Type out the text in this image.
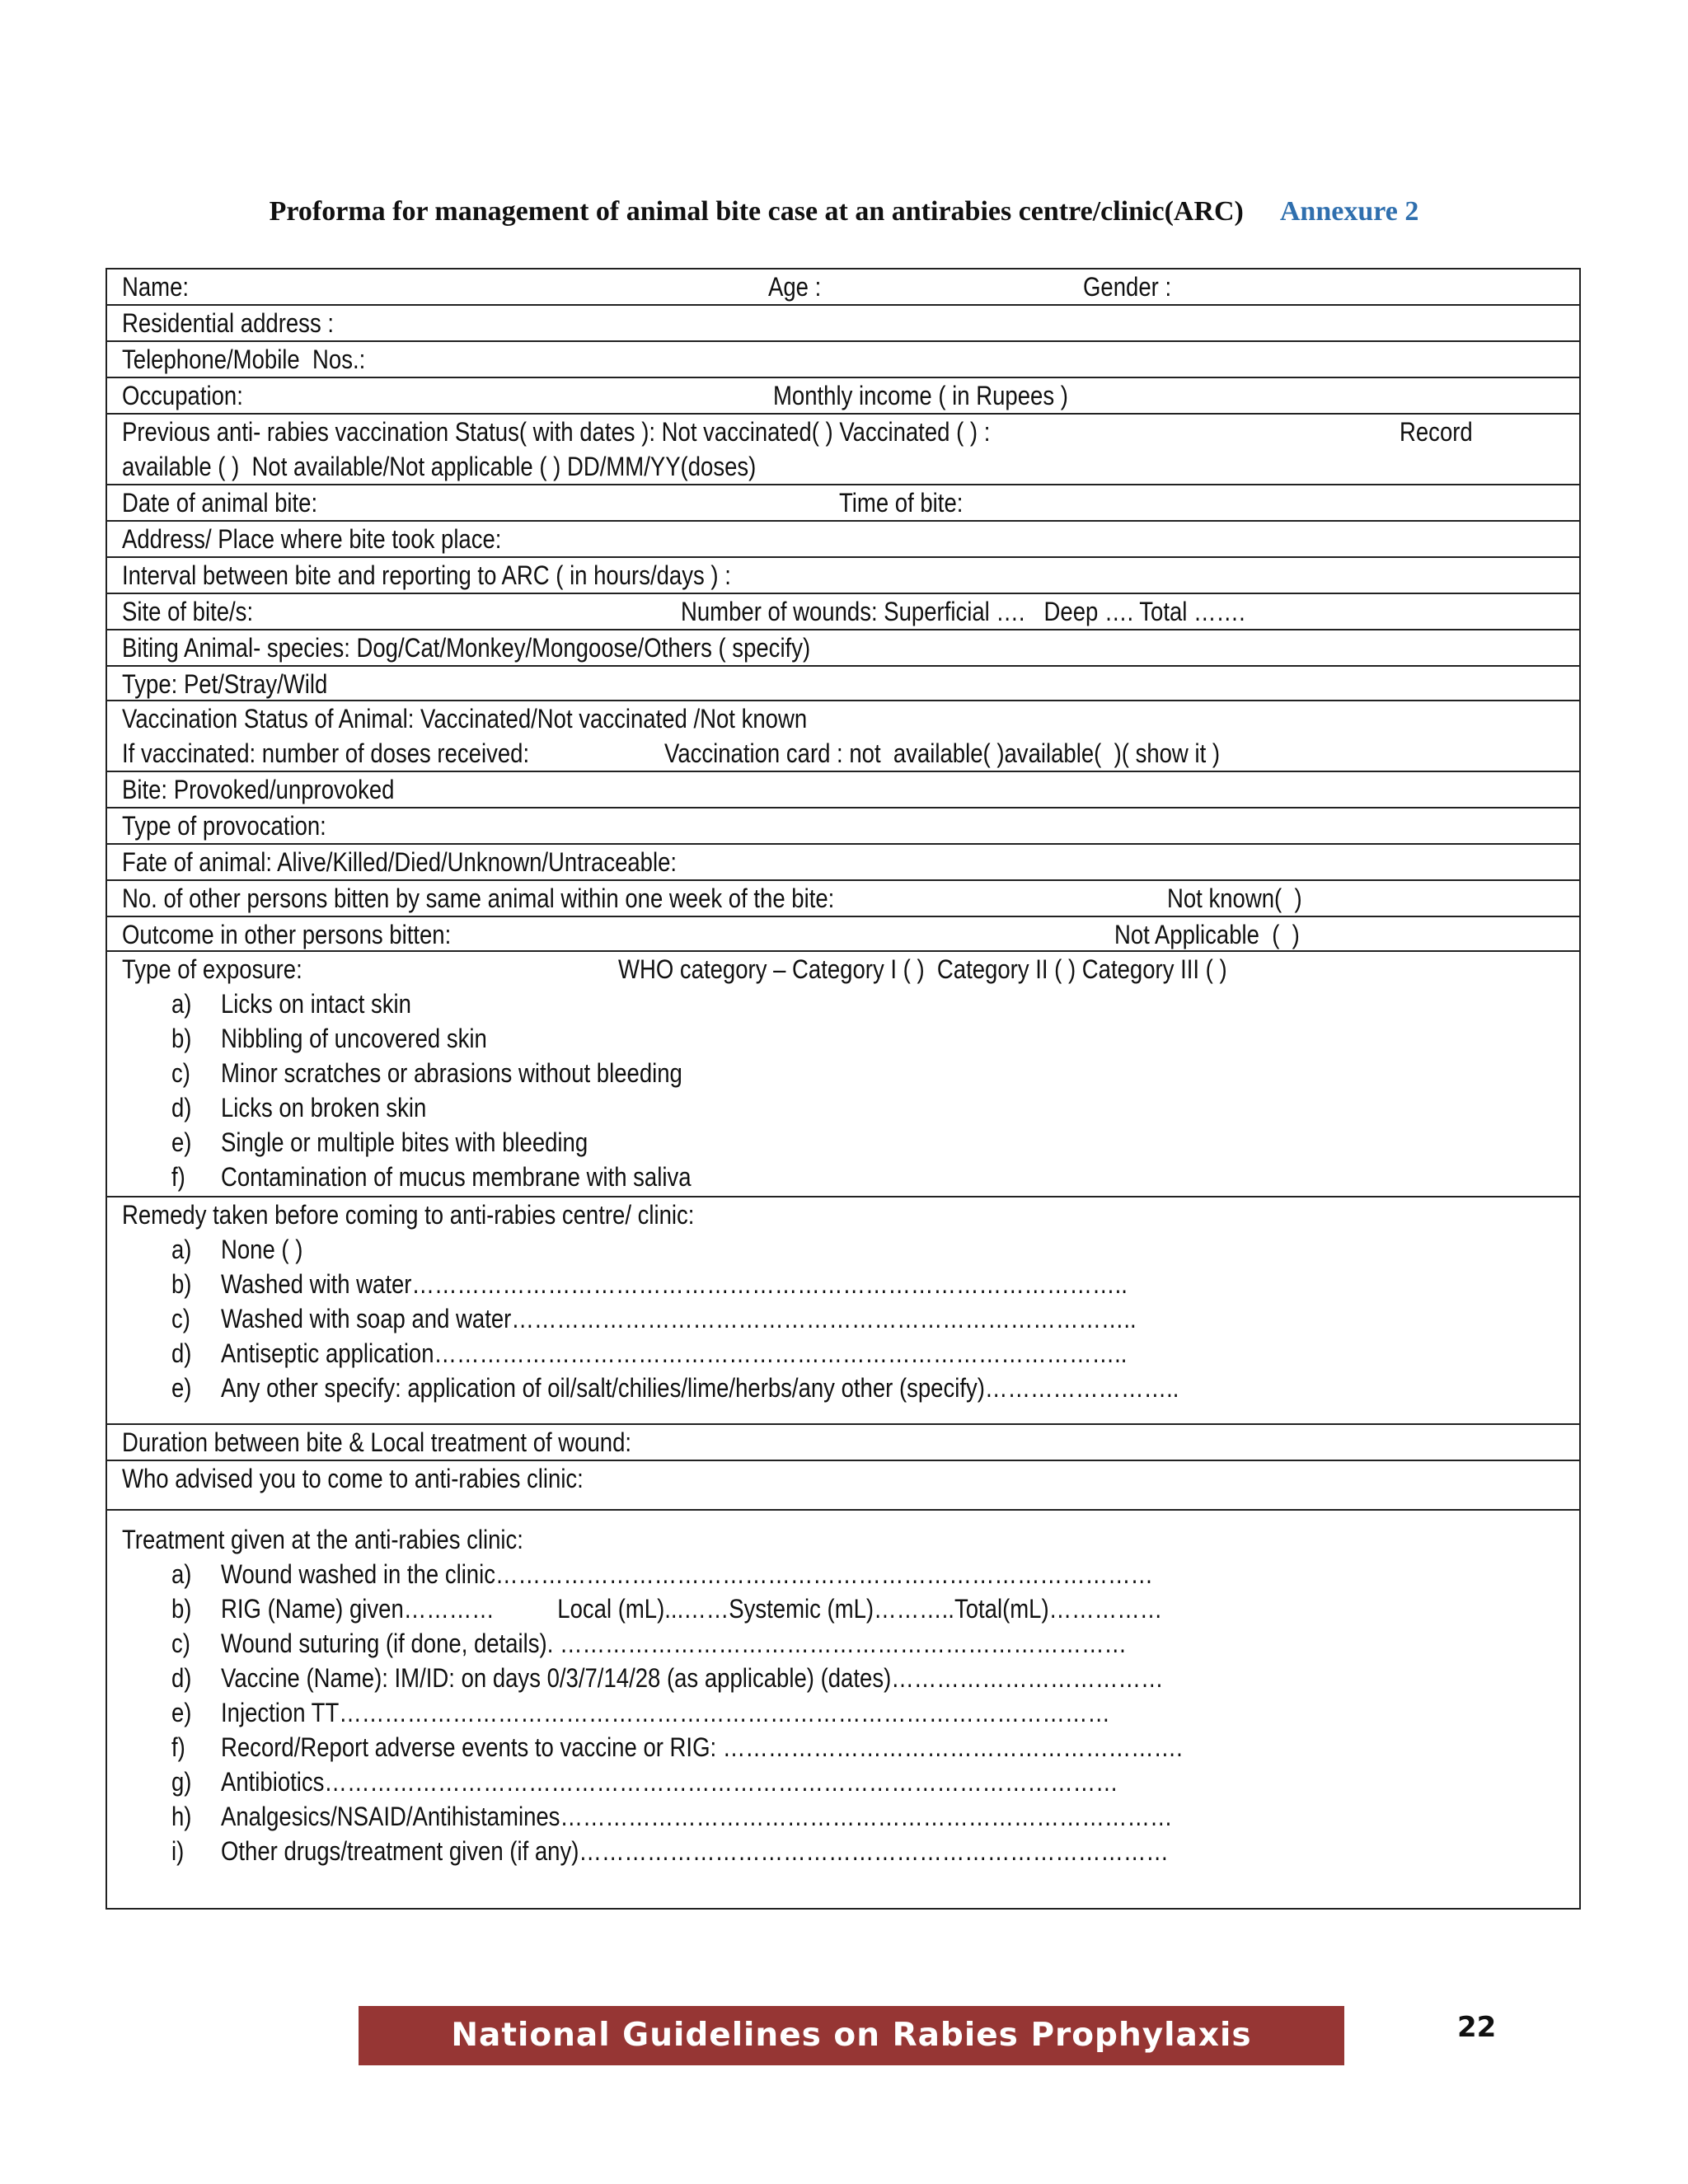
Proforma for management of animal bite case at an antirabies centre/clinic(ARC) Annexure 2
Name:	Age :	Gender :
Residential address :
Telephone/Mobile  Nos.:
Occupation:	Monthly income ( in Rupees )
Previous anti- rabies vaccination Status( with dates ): Not vaccinated( ) Vaccinated ( ) :	Record
available ( )  Not available/Not applicable ( ) DD/MM/YY(doses)
Date of animal bite:	Time of bite:
Address/ Place where bite took place:
Interval between bite and reporting to ARC ( in hours/days ) :
Site of bite/s:	Number of wounds: Superficial ….   Deep …. Total …….
Biting Animal- species: Dog/Cat/Monkey/Mongoose/Others ( specify)
Type: Pet/Stray/Wild
Vaccination Status of Animal: Vaccinated/Not vaccinated /Not known
If vaccinated: number of doses received:	Vaccination card : not  available( )available(  )( show it )
Bite: Provoked/unprovoked
Type of provocation:
Fate of animal: Alive/Killed/Died/Unknown/Untraceable:
No. of other persons bitten by same animal within one week of the bite:	Not known(  )
Outcome in other persons bitten:	Not Applicable  (  )
Type of exposure:	WHO category – Category I ( )  Category II ( ) Category III ( )
a) Licks on intact skin
b) Nibbling of uncovered skin
c) Minor scratches or abrasions without bleeding
d) Licks on broken skin
e) Single or multiple bites with bleeding
f) Contamination of mucus membrane with saliva
Remedy taken before coming to anti-rabies centre/ clinic:
a) None ( )
b) Washed with water…………………………………………………………………………………..
c) Washed with soap and water………………………………………………………………………..
d) Antiseptic application………………………………………………………………………………..
e) Any other specify: application of oil/salt/chilies/lime/herbs/any other (specify)……………………..
Duration between bite & Local treatment of wound:
Who advised you to come to anti-rabies clinic:
Treatment given at the anti-rabies clinic:
a) Wound washed in the clinic……………………………………………………………………………
b) RIG (Name) given…………          Local (mL)...……Systemic (mL)………..Total(mL)……………
c) Wound suturing (if done, details). …………………………………………………………………
d) Vaccine (Name): IM/ID: on days 0/3/7/14/28 (as applicable) (dates)………………………………
e) Injection TT…………………………………………………………………………………………
f) Record/Report adverse events to vaccine or RIG: …………………………………………………….
g) Antibiotics……………………………………………………………………………………………
h) Analgesics/NSAID/Antihistamines………………………………………………………………………
i) Other drugs/treatment given (if any)……………………………………………………………………
National Guidelines on Rabies Prophylaxis	22
